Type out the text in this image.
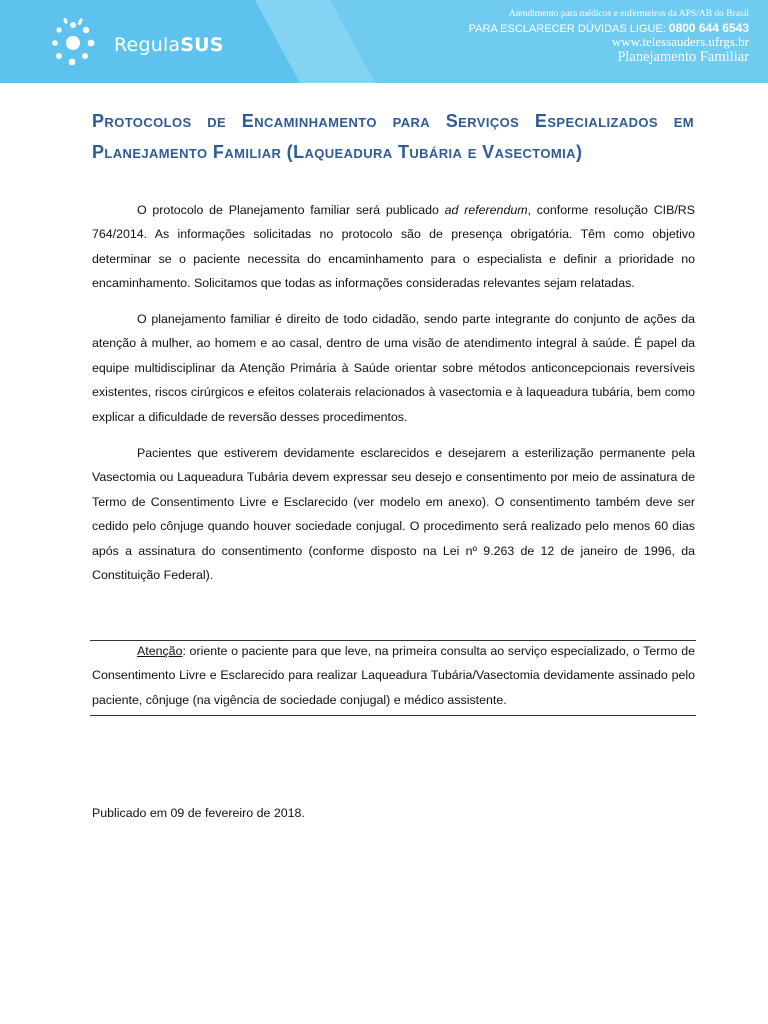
RegulaSUS
Atendimento para médicos e enfermeiros da APS/AB do Brasil
PARA ESCLARECER DÚVIDAS LIGUE: 0800 644 6543
www.telessauders.ufrgs.br
Planejamento Familiar
Protocolos de Encaminhamento para Serviços Especializados em Planejamento Familiar (Laqueadura Tubária e Vasectomia)

O protocolo de Planejamento familiar será publicado ad referendum, conforme resolução CIB/RS 764/2014. As informações solicitadas no protocolo são de presença obrigatória. Têm como objetivo determinar se o paciente necessita do encaminhamento para o especialista e definir a prioridade no encaminhamento. Solicitamos que todas as informações consideradas relevantes sejam relatadas.

O planejamento familiar é direito de todo cidadão, sendo parte integrante do conjunto de ações da atenção à mulher, ao homem e ao casal, dentro de uma visão de atendimento integral à saúde. É papel da equipe multidisciplinar da Atenção Primária à Saúde orientar sobre métodos anticoncepcionais reversíveis existentes, riscos cirúrgicos e efeitos colaterais relacionados à vasectomia e à laqueadura tubária, bem como explicar a dificuldade de reversão desses procedimentos.

Pacientes que estiverem devidamente esclarecidos e desejarem a esterilização permanente pela Vasectomia ou Laqueadura Tubária devem expressar seu desejo e consentimento por meio de assinatura de Termo de Consentimento Livre e Esclarecido (ver modelo em anexo). O consentimento também deve ser cedido pelo cônjuge quando houver sociedade conjugal. O procedimento será realizado pelo menos 60 dias após a assinatura do consentimento (conforme disposto na Lei nº 9.263 de 12 de janeiro de 1996, da Constituição Federal).

Atenção: oriente o paciente para que leve, na primeira consulta ao serviço especializado, o Termo de Consentimento Livre e Esclarecido para realizar Laqueadura Tubária/Vasectomia devidamente assinado pelo paciente, cônjuge (na vigência de sociedade conjugal) e médico assistente.

Publicado em 09 de fevereiro de 2018.
